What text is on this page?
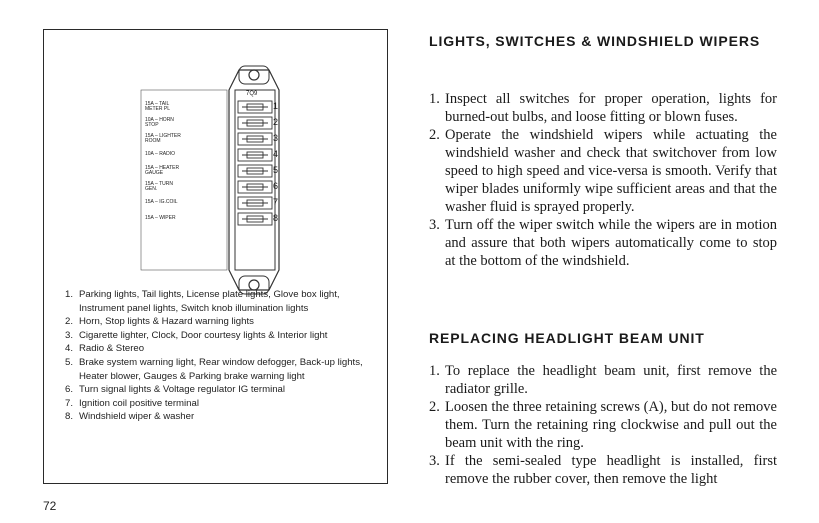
7Q9
15A – TAIL
METER PL
10A – HORN
STOP
15A – LIGHTER
ROOM
10A – RADIO
15A – HEATER
GAUGE
15A – TURN
GEN.
15A – IG.COIL
15A – WIPER
1
2
3
4
5
6
7
8
1. Parking lights, Tail lights, License plate lights, Glove box light, Instrument panel lights, Switch knob illumination lights
2. Horn, Stop lights & Hazard warning lights
3. Cigarette lighter, Clock, Door courtesy lights & Interior light
4. Radio & Stereo
5. Brake system warning light, Rear window defogger, Back-up lights, Heater blower, Gauges & Parking brake warning light
6. Turn signal lights & Voltage regulator IG terminal
7. Ignition coil positive terminal
8. Windshield wiper & washer
72
LIGHTS, SWITCHES & WINDSHIELD WIPERS
1. Inspect all switches for proper operation, lights for burned-out bulbs, and loose fitting or blown fuses.
2. Operate the windshield wipers while actuating the windshield washer and check that switchover from low speed to high speed and vice-versa is smooth. Verify that wiper blades uniformly wipe sufficient areas and that the washer fluid is sprayed properly.
3. Turn off the wiper switch while the wipers are in motion and assure that both wipers automatically come to stop at the bottom of the windshield.
REPLACING HEADLIGHT BEAM UNIT
1. To replace the headlight beam unit, first remove the radiator grille.
2. Loosen the three retaining screws (A), but do not remove them. Turn the retaining ring clockwise and pull out the beam unit with the ring.
3. If the semi-sealed type headlight is installed, first remove the rubber cover, then remove the light
